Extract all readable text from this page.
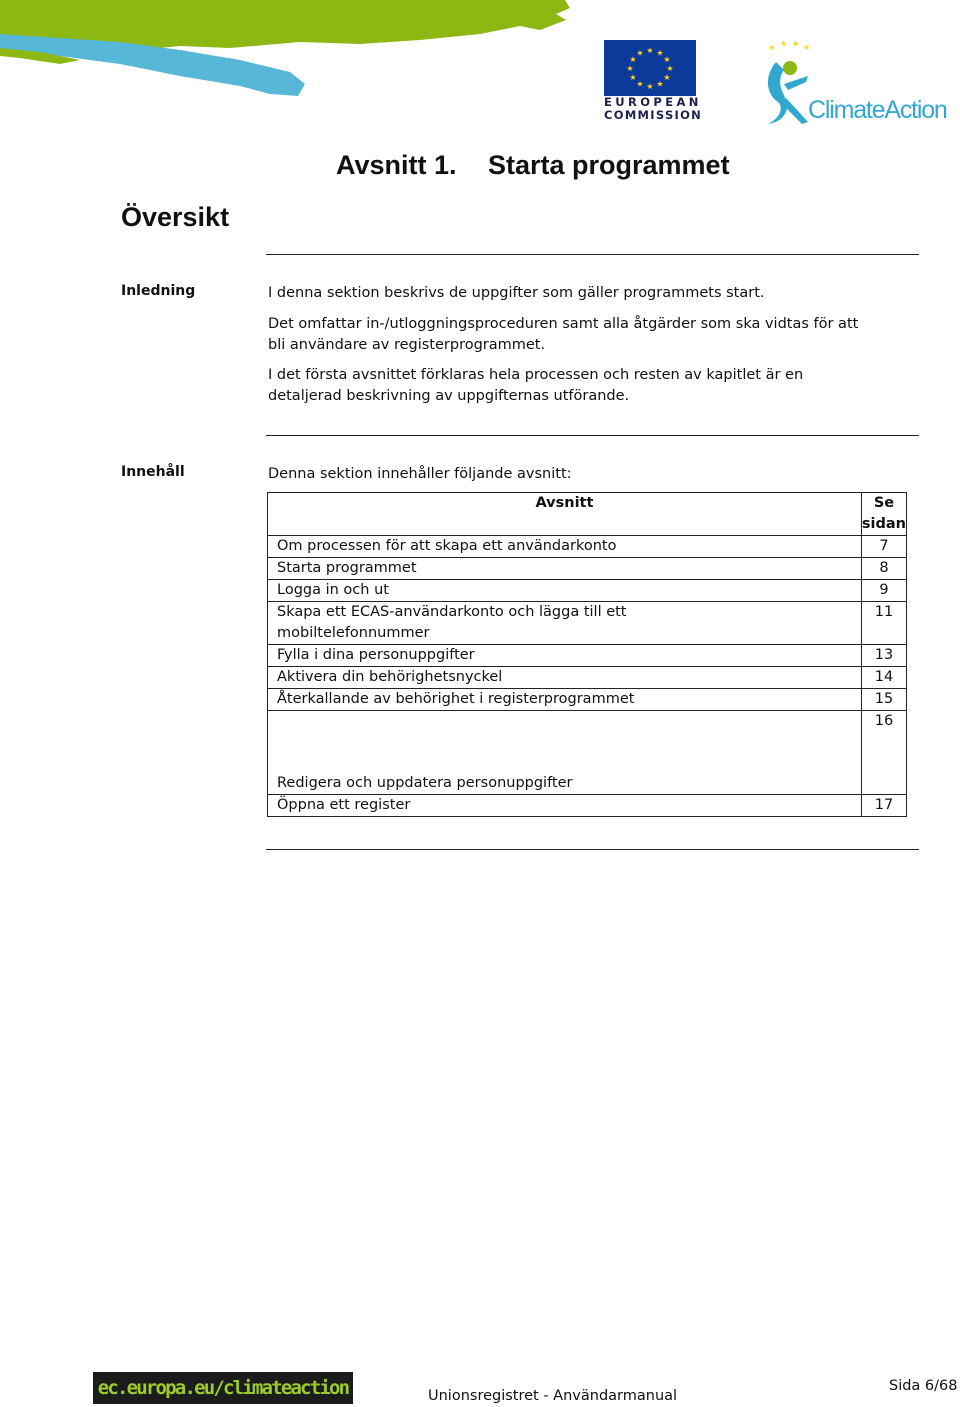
★ ★
★
★
★
★
★
★
★
★
★
★
EUROPEAN
COMMISSION
★ ★ ★ ★
ClimateAction
Avsnitt 1. Starta programmet
Översikt
Inledning	I denna sektion beskrivs de uppgifter som gäller programmets start.

Det omfattar in-/utloggningsproceduren samt alla åtgärder som ska vidtas för att bli användare av registerprogrammet.

I det första avsnittet förklaras hela processen och resten av kapitlet är en detaljerad beskrivning av uppgifternas utförande.

Innehåll	Denna sektion innehåller följande avsnitt:

Avsnitt	Se sidan
Om processen för att skapa ett användarkonto	7
Starta programmet	8
Logga in och ut	9
Skapa ett ECAS-användarkonto och lägga till ett mobiltelefonnummer	11
Fylla i dina personuppgifter	13
Aktivera din behörighetsnyckel	14
Återkallande av behörighet i registerprogrammet	15
Redigera och uppdatera personuppgifter	16
Öppna ett register	17
ec.europa.eu/climateaction	Unionsregistret - Användarmanual
Sida 6/68
